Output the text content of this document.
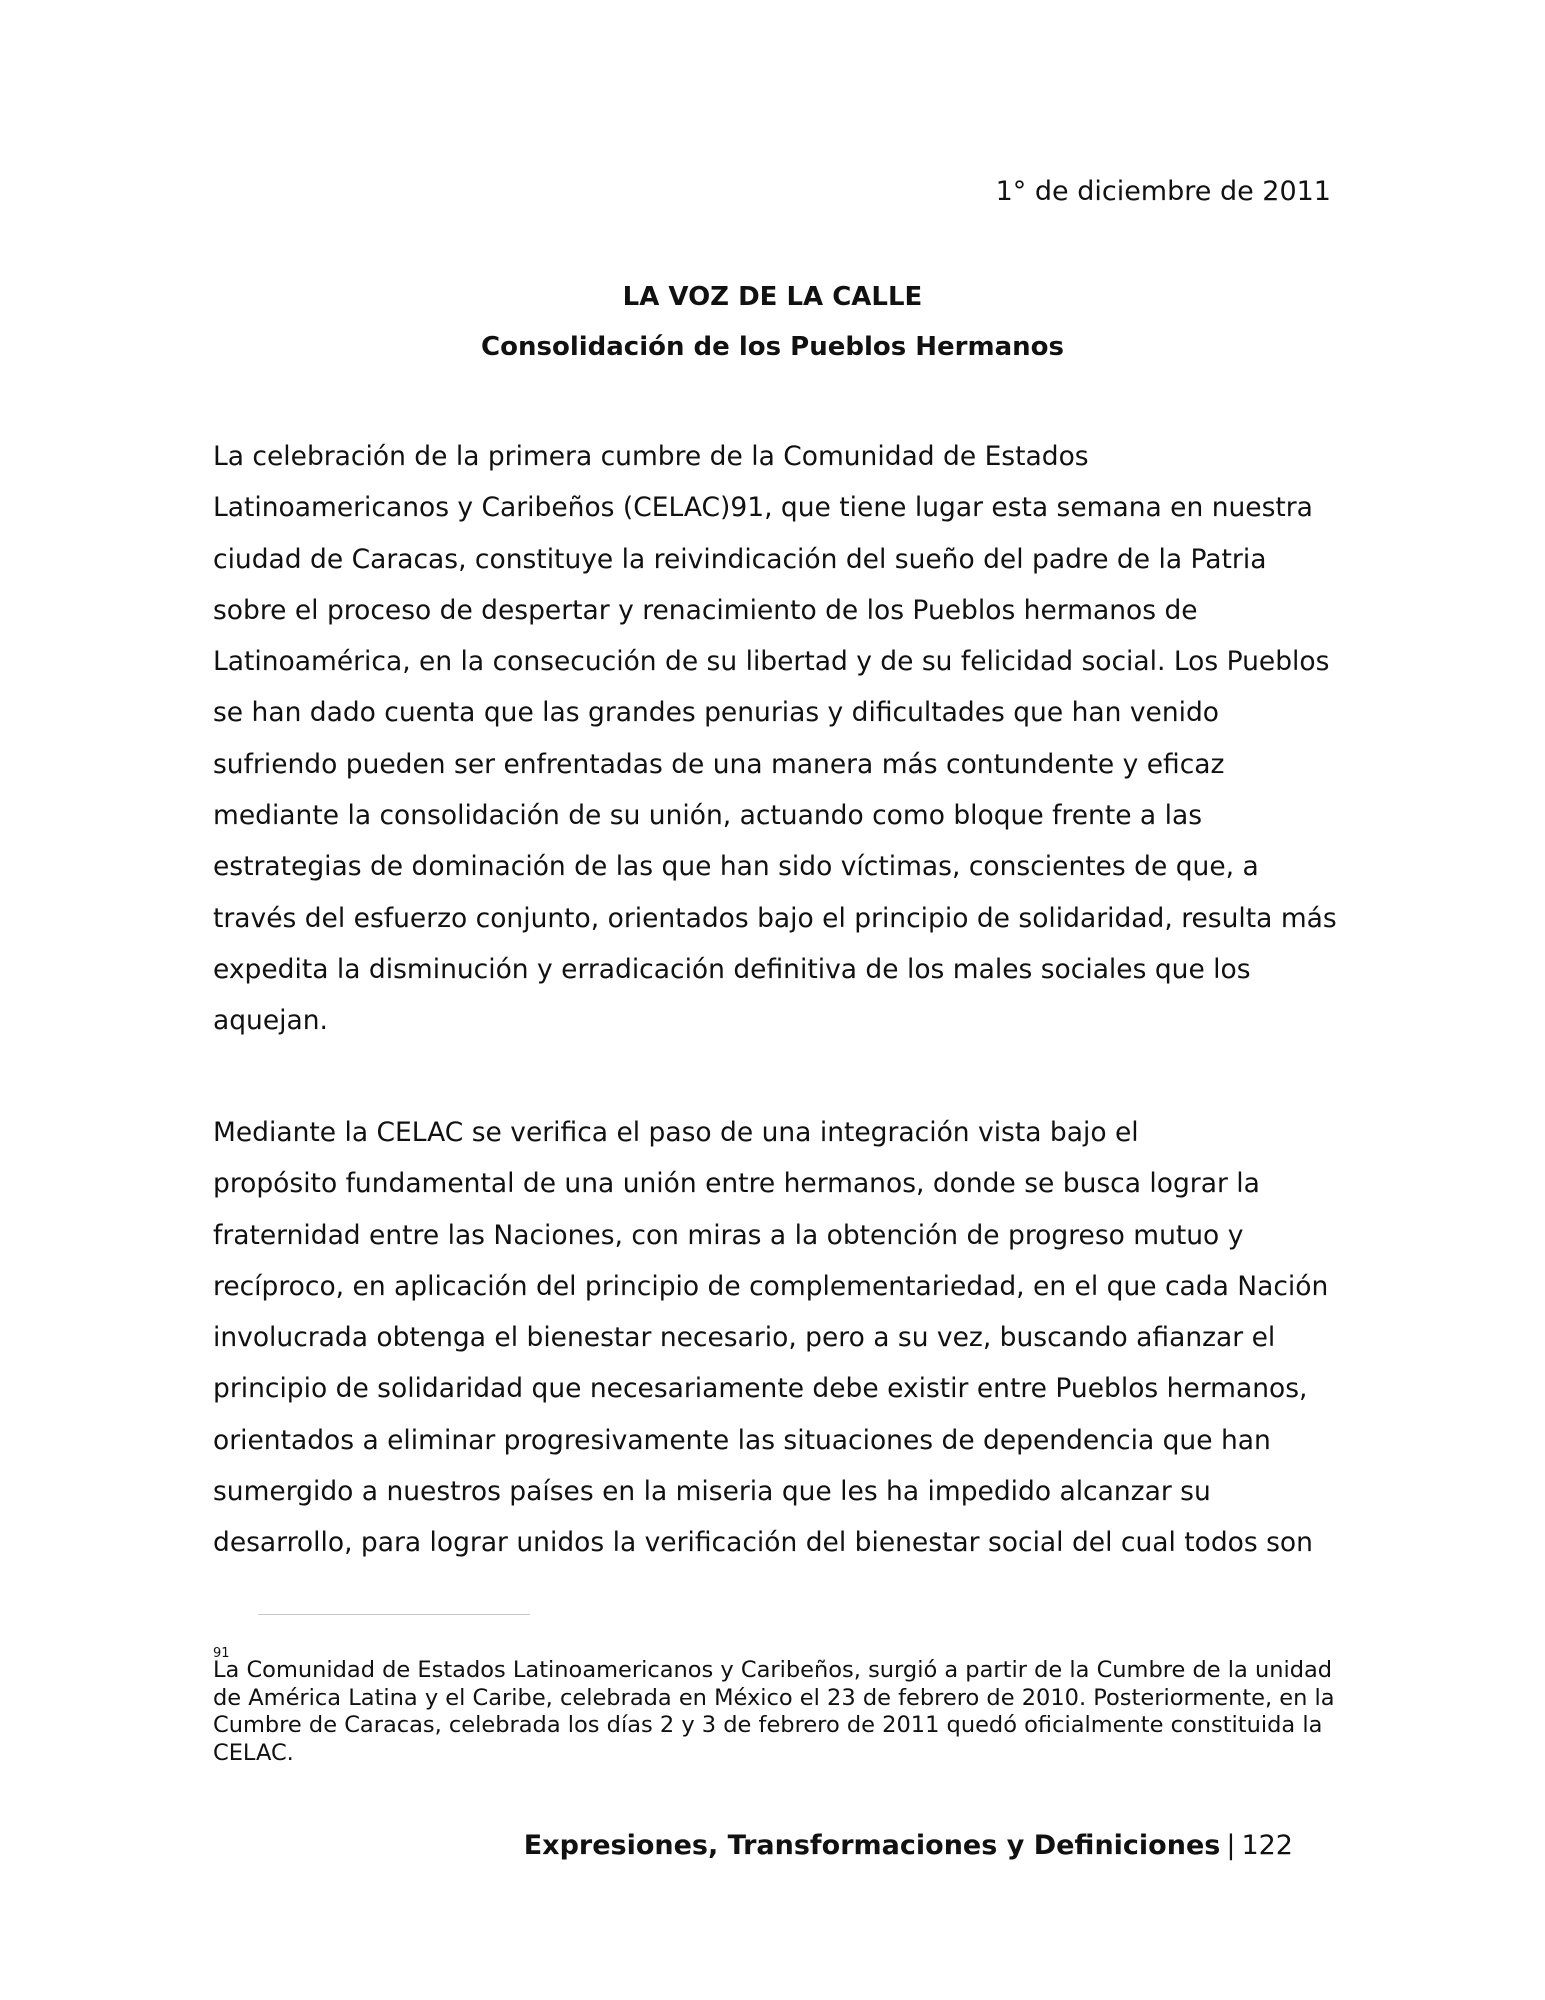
1° de diciembre de 2011
LA VOZ DE LA CALLE
Consolidación de los Pueblos Hermanos
La celebración de la primera cumbre de la Comunidad de Estados
Latinoamericanos y Caribeños (CELAC)91, que tiene lugar esta semana en nuestra
ciudad de Caracas, constituye la reivindicación del sueño del padre de la Patria
sobre el proceso de despertar y renacimiento de los Pueblos hermanos de
Latinoamérica, en la consecución de su libertad y de su felicidad social. Los Pueblos
se han dado cuenta que las grandes penurias y dificultades que han venido
sufriendo pueden ser enfrentadas de una manera más contundente y eficaz
mediante la consolidación de su unión, actuando como bloque frente a las
estrategias de dominación de las que han sido víctimas, conscientes de que, a
través del esfuerzo conjunto, orientados bajo el principio de solidaridad, resulta más
expedita la disminución y erradicación definitiva de los males sociales que los
aquejan.
Mediante la CELAC se verifica el paso de una integración vista bajo el
propósito fundamental de una unión entre hermanos, donde se busca lograr la
fraternidad entre las Naciones, con miras a la obtención de progreso mutuo y
recíproco, en aplicación del principio de complementariedad, en el que cada Nación
involucrada obtenga el bienestar necesario, pero a su vez, buscando afianzar el
principio de solidaridad que necesariamente debe existir entre Pueblos hermanos,
orientados a eliminar progresivamente las situaciones de dependencia que han
sumergido a nuestros países en la miseria que les ha impedido alcanzar su
desarrollo, para lograr unidos la verificación del bienestar social del cual todos son
91
La Comunidad de Estados Latinoamericanos y Caribeños, surgió a partir de la Cumbre de la unidad
de América Latina y el Caribe, celebrada en México el 23 de febrero de 2010. Posteriormente, en la
Cumbre de Caracas, celebrada los días 2 y 3 de febrero de 2011 quedó oficialmente constituida la
CELAC.
Expresiones, Transformaciones y Definiciones | 122
